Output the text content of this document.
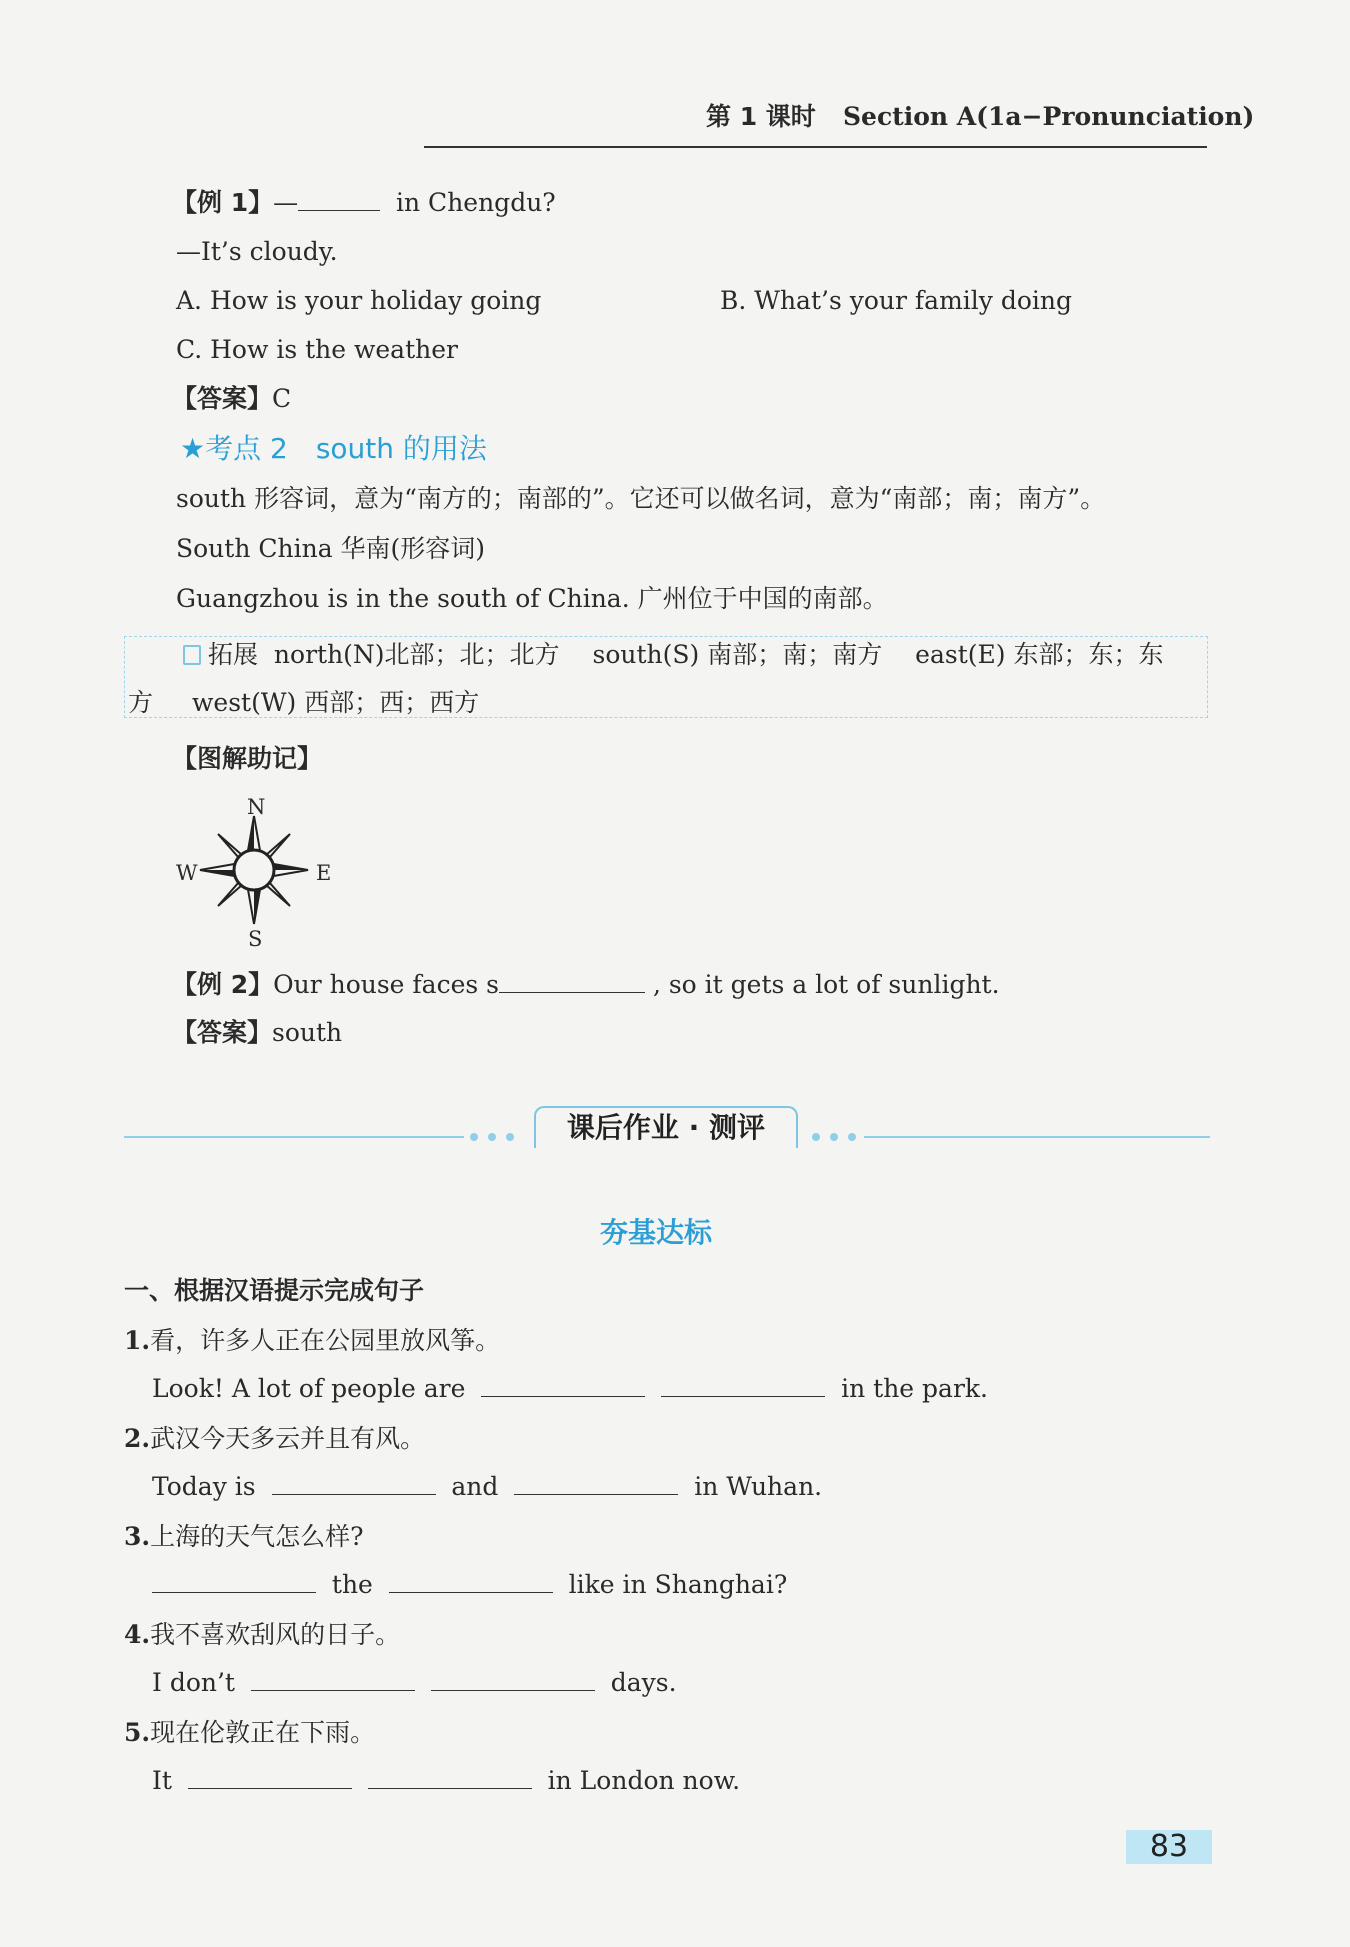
第 1 课时 Section A(1a−Pronunciation)
【例 1】—	in Chengdu?
—It’s cloudy.
A. How is your holiday going	B. What’s your family doing
C. How is the weather
【答案】C
★考点 2　south 的用法
south 形容词，意为“南方的；南部的”。它还可以做名词，意为“南部；南；南方”。
South China 华南(形容词)
Guangzhou is in the south of China. 广州位于中国的南部。
拓展 north(N)北部；北；北方　 south(S) 南部；南；南方　 east(E) 东部；东；东
方 west(W) 西部；西；西方
【图解助记】
N
S
W	E
【例 2】Our house faces s	, so it gets a lot of sunlight.
【答案】south
课后作业 · 测评
夯基达标
一、根据汉语提示完成句子
1.看，许多人正在公园里放风筝。
Look! A lot of people are	in the park.
2.武汉今天多云并且有风。
Today is	and	in Wuhan.
3.上海的天气怎么样?
the	like in Shanghai?
4.我不喜欢刮风的日子。
I don’t	days.
5.现在伦敦正在下雨。
It	in London now.
83
